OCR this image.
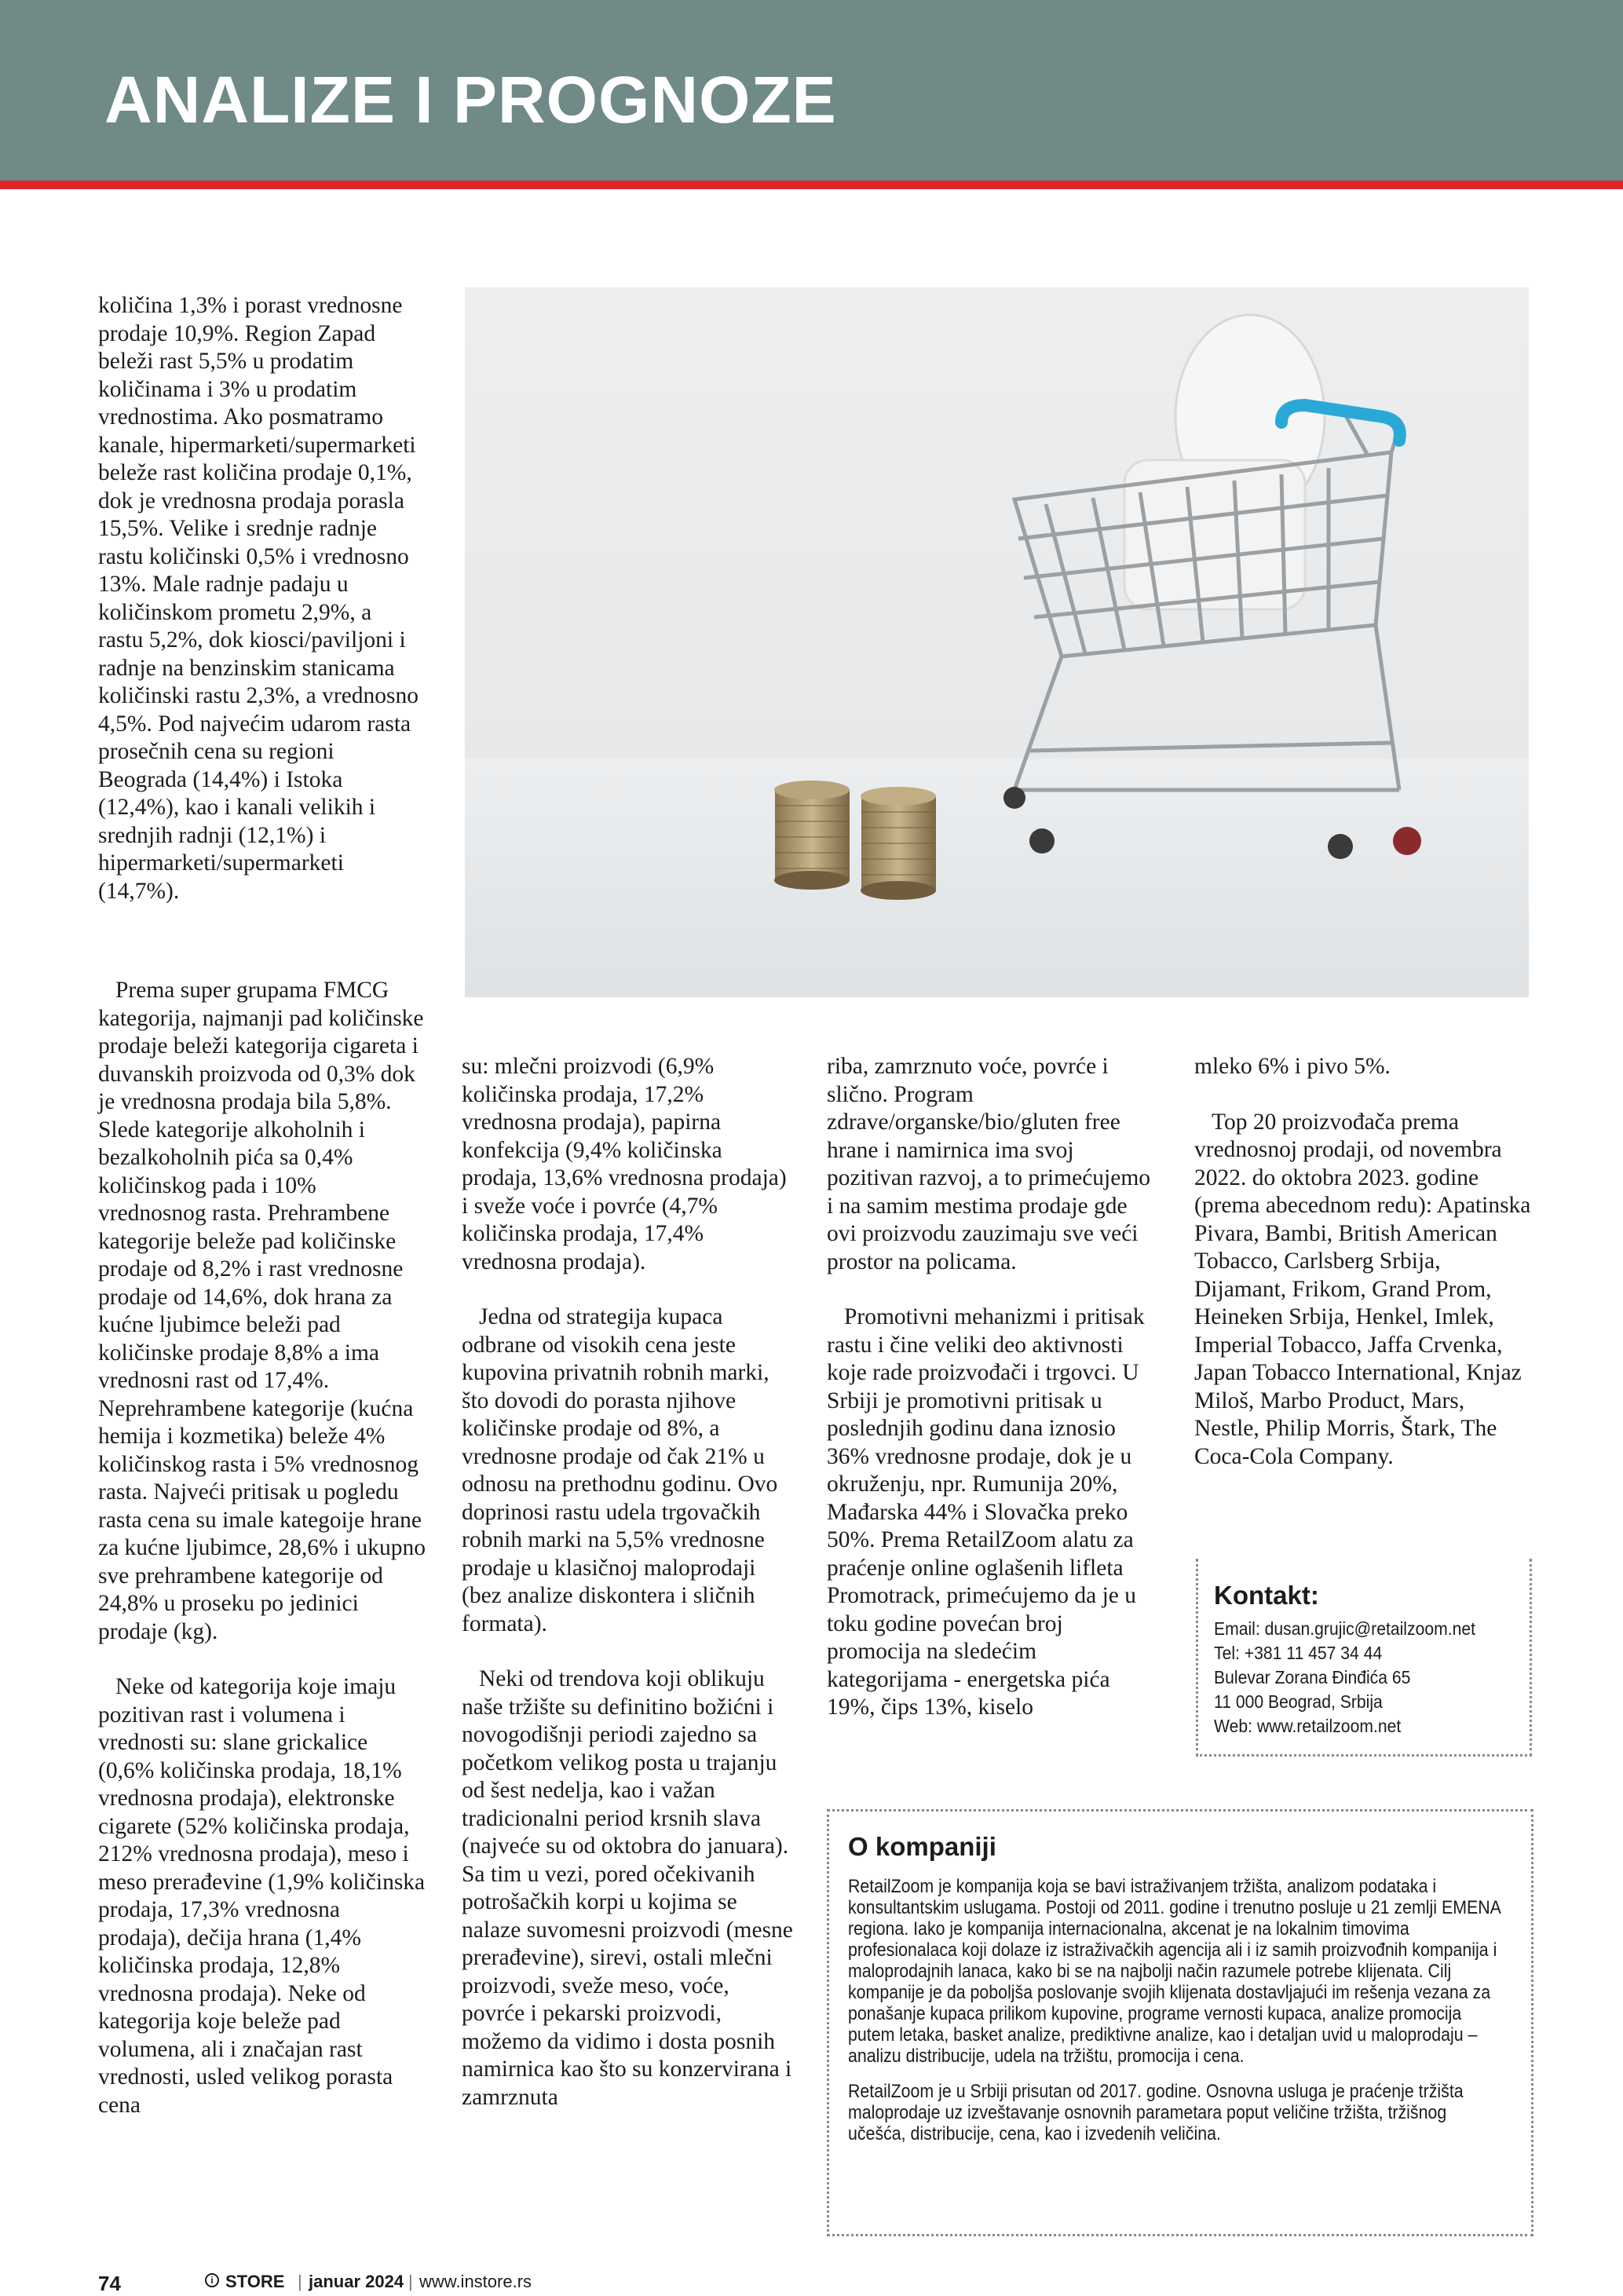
ANALIZE I PROGNOZE

količina 1,3% i porast vrednosne prodaje 10,9%. Region Zapad beleži rast 5,5% u prodatim količinama i 3% u prodatim vrednostima. Ako posmatramo kanale, hipermarketi/supermarketi beleže rast količina prodaje 0,1%, dok je vrednosna prodaja porasla 15,5%. Velike i srednje radnje rastu količinski 0,5% i vrednosno 13%. Male radnje padaju u količinskom prometu 2,9%, a rastu 5,2%, dok kiosci/paviljoni i radnje na benzinskim stanicama količinski rastu 2,3%, a vrednosno 4,5%. Pod najvećim udarom rasta prosečnih cena su regioni Beograda (14,4%) i Istoka (12,4%), kao i kanali velikih i srednjih radnji (12,1%) i hipermarketi/supermarketi (14,7%).

Prema super grupama FMCG kategorija, najmanji pad količinske prodaje beleži kategorija cigareta i duvanskih proizvoda od 0,3% dok je vrednosna prodaja bila 5,8%. Slede kategorije alkoholnih i bezalkoholnih pića sa 0,4% količinskog pada i 10% vrednosnog rasta. Prehrambene kategorije beleže pad količinske prodaje od 8,2% i rast vrednosne prodaje od 14,6%, dok hrana za kućne ljubimce beleži pad količinske prodaje 8,8% a ima vrednosni rast od 17,4%. Neprehrambene kategorije (kućna hemija i kozmetika) beleže 4% količinskog rasta i 5% vrednosnog rasta. Najveći pritisak u pogledu rasta cena su imale kategoije hrane za kućne ljubimce, 28,6% i ukupno sve prehrambene kategorije od 24,8% u proseku po jedinici prodaje (kg).

Neke od kategorija koje imaju pozitivan rast i volumena i vrednosti su: slane grickalice (0,6% količinska prodaja, 18,1% vrednosna prodaja), elektronske cigarete (52% količinska prodaja, 212% vrednosna prodaja), meso i meso prerađevine (1,9% količinska prodaja, 17,3% vrednosna prodaja), dečija hrana (1,4% količinska prodaja, 12,8% vrednosna prodaja). Neke od kategorija koje beleže pad volumena, ali i značajan rast vrednosti, usled velikog porasta cena

su: mlečni proizvodi (6,9% količinska prodaja, 17,2% vrednosna prodaja), papirna konfekcija (9,4% količinska prodaja, 13,6% vrednosna prodaja) i sveže voće i povrće (4,7% količinska prodaja, 17,4% vrednosna prodaja).

Jedna od strategija kupaca odbrane od visokih cena jeste kupovina privatnih robnih marki, što dovodi do porasta njihove količinske prodaje od 8%, a vrednosne prodaje od čak 21% u odnosu na prethodnu godinu. Ovo doprinosi rastu udela trgovačkih robnih marki na 5,5% vrednosne prodaje u klasičnoj maloprodaji (bez analize diskontera i sličnih formata).

Neki od trendova koji oblikuju naše tržište su definitino božićni i novogodišnji periodi zajedno sa početkom velikog posta u trajanju od šest nedelja, kao i važan tradicionalni period krsnih slava (najveće su od oktobra do januara). Sa tim u vezi, pored očekivanih potrošačkih korpi u kojima se nalaze suvomesni proizvodi (mesne prerađevine), sirevi, ostali mlečni proizvodi, sveže meso, voće, povrće i pekarski proizvodi, možemo da vidimo i dosta posnih namirnica kao što su konzervirana i zamrznuta

riba, zamrznuto voće, povrće i slično. Program zdrave/organske/bio/gluten free hrane i namirnica ima svoj pozitivan razvoj, a to primećujemo i na samim mestima prodaje gde ovi proizvodu zauzimaju sve veći prostor na policama.

Promotivni mehanizmi i pritisak rastu i čine veliki deo aktivnosti koje rade proizvođači i trgovci. U Srbiji je promotivni pritisak u poslednjih godinu dana iznosio 36% vrednosne prodaje, dok je u okruženju, npr. Rumunija 20%, Mađarska 44% i Slovačka preko 50%. Prema RetailZoom alatu za praćenje online oglašenih lifleta Promotrack, primećujemo da je u toku godine povećan broj promocija na sledećim kategorijama - energetska pića 19%, čips 13%, kiselo

mleko 6% i pivo 5%.

Top 20 proizvođača prema vrednosnoj prodaji, od novembra 2022. do oktobra 2023. godine (prema abecednom redu): Apatinska Pivara, Bambi, British American Tobacco, Carlsberg Srbija, Dijamant, Frikom, Grand Prom, Heineken Srbija, Henkel, Imlek, Imperial Tobacco, Jaffa Crvenka, Japan Tobacco International, Knjaz Miloš, Marbo Product, Mars, Nestle, Philip Morris, Štark, The Coca-Cola Company.

Kontakt:
Email: dusan.grujic@retailzoom.net
Tel: +381 11 457 34 44
Bulevar Zorana Đinđića 65
11 000 Beograd, Srbija
Web: www.retailzoom.net
O kompaniji

RetailZoom je kompanija koja se bavi istraživanjem tržišta, analizom podataka i konsultantskim uslugama. Postoji od 2011. godine i trenutno posluje u 21 zemlji EMENA regiona. Iako je kompanija internacionalna, akcenat je na lokalnim timovima profesionalaca koji dolaze iz istraživačkih agencija ali i iz samih proizvođnih kompanija i maloprodajnih lanaca, kako bi se na najbolji način razumele potrebe klijenata. Cilj kompanije je da poboljša poslovanje svojih klijenata dostavljajući im rešenja vezana za ponašanje kupaca prilikom kupovine, programe vernosti kupaca, analize promocija putem letaka, basket analize, prediktivne analize, kao i detaljan uvid u maloprodaju – analizu distribucije, udela na tržištu, promocija i cena.

RetailZoom je u Srbiji prisutan od 2017. godine. Osnovna usluga je praćenje tržišta maloprodaje uz izveštavanje osnovnih parametara poput veličine tržišta, tržišnog učešća, distribucije, cena, kao i izvedenih veličina.

74	i STORE | januar 2024 | www.instore.rs
